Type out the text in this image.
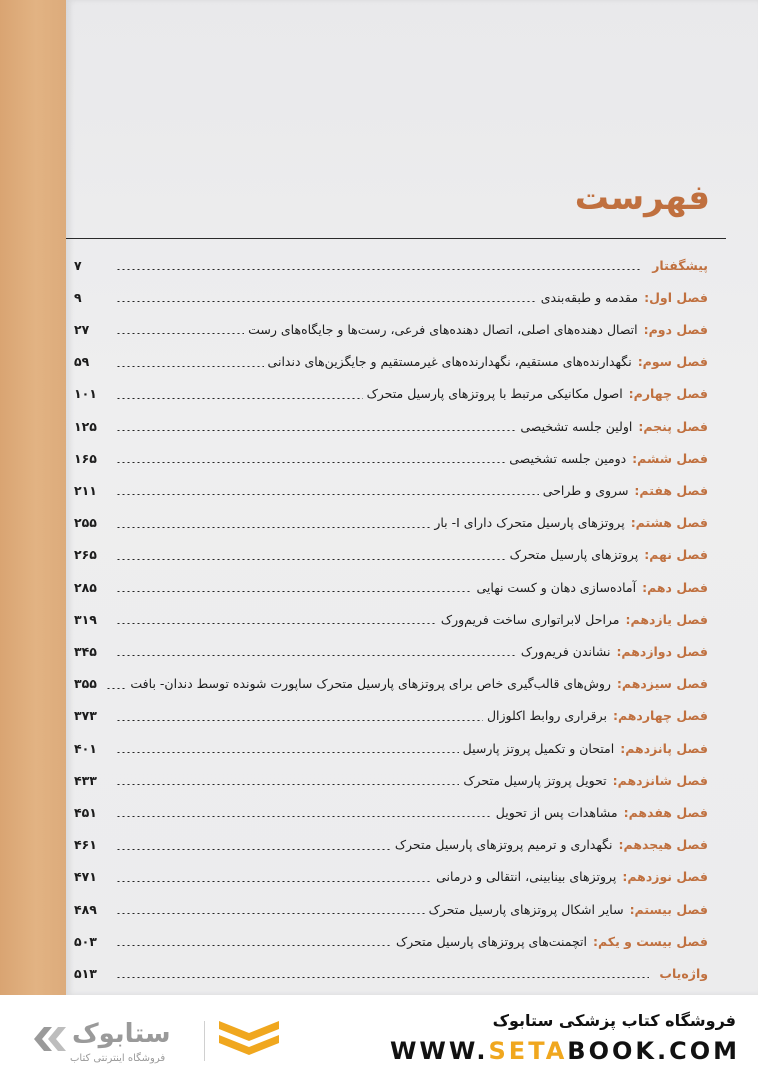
فهرست
پیشگفتار
۷
فصل اول:
مقدمه و طبقه‌بندی
۹
فصل دوم:
اتصال دهنده‌های اصلی، اتصال دهنده‌های فرعی، رست‌ها و جایگاه‌های رست
۲۷
فصل سوم:
نگهدارنده‌های مستقیم، نگهدارنده‌های غیرمستقیم و جایگزین‌های دندانی
۵۹
فصل چهارم:
اصول مکانیکی مرتبط با پروتزهای پارسیل متحرک
۱۰۱
فصل پنجم:
اولین جلسه تشخیصی
۱۲۵
فصل ششم:
دومین جلسه تشخیصی
۱۶۵
فصل هفتم:
سروی و طراحی
۲۱۱
فصل هشتم:
پروتزهای پارسیل متحرک دارای I- بار
۲۵۵
فصل نهم:
پروتزهای پارسیل متحرک
۲۶۵
فصل دهم:
آماده‌سازی دهان و کست نهایی
۲۸۵
فصل یازدهم:
مراحل لابراتواری ساخت فریم‌ورک
۳۱۹
فصل دوازدهم:
نشاندن فریم‌ورک
۳۴۵
فصل سیزدهم:
روش‌های قالب‌گیری خاص برای پروتزهای پارسیل متحرک ساپورت شونده توسط دندان- بافت
۳۵۵
فصل چهاردهم:
برقراری روابط اکلوزال
۳۷۳
فصل پانزدهم:
امتحان و تکمیل پروتز پارسیل
۴۰۱
فصل شانزدهم:
تحویل پروتز پارسیل متحرک
۴۳۳
فصل هفدهم:
مشاهدات پس از تحویل
۴۵۱
فصل هیجدهم:
نگهداری و ترمیم پروتزهای پارسیل متحرک
۴۶۱
فصل نوزدهم:
پروتزهای بینابینی، انتقالی و درمانی
۴۷۱
فصل بیستم:
سایر اشکال پروتزهای پارسیل متحرک
۴۸۹
فصل بیست و یکم:
اتچمنت‌های پروتزهای پارسیل متحرک
۵۰۳
واژه‌یاب
۵۱۳
ستابوک
فروشگاه اینترنتی کتاب
فروشگاه کتاب پزشکی ستابوک
WWW.SETABOOK.COM
